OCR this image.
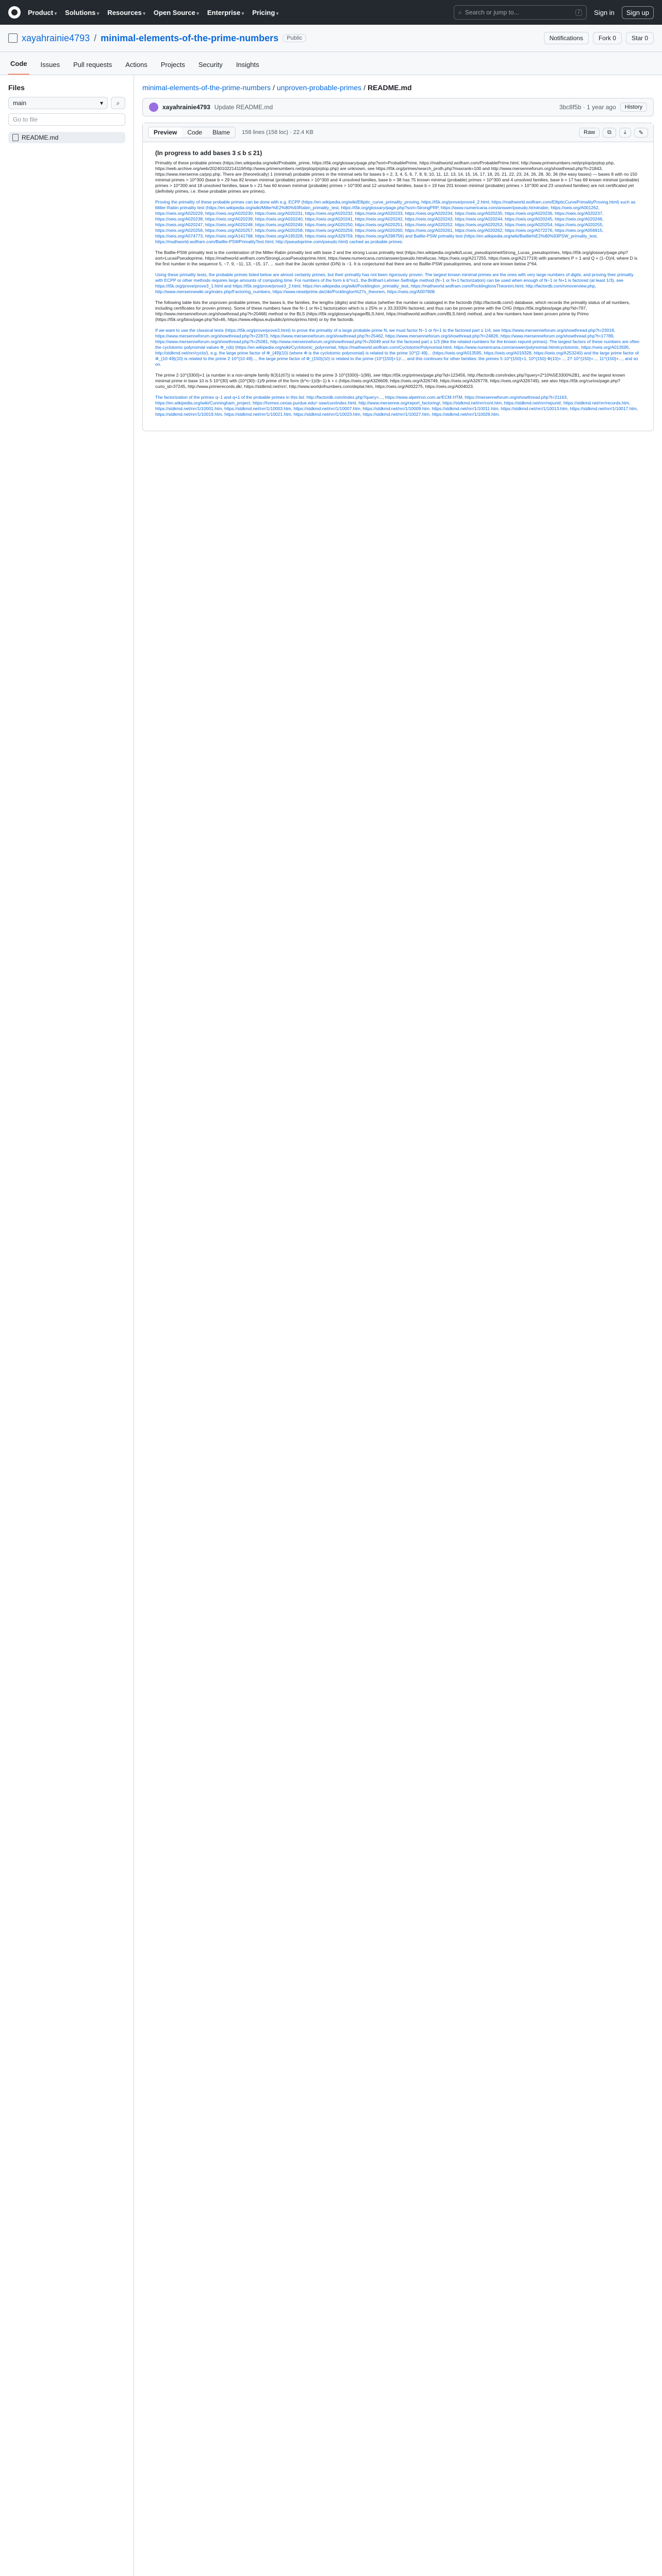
Product ▾	Solutions ▾	Resources ▾	Open Source ▾	Enterprise ▾	Pricing ▾	⌕ Search or jump to...	/	Sign in	Sign up
xayahrainie4793 / minimal-elements-of-the-prime-numbers	Public	Notifications	Fork 0	Star 0
Code	Issues	Pull requests	Actions	Projects	Security	Insights
Files
main ▾	⌕
Go to file
README.md
minimal-elements-of-the-prime-numbers / unproven-probable-primes / README.md
xayahrainie4793 Update README.md	3bc8f5b · 1 year ago	History
Preview	Code	Blame	158 lines (158 loc) · 22.4 KB	Raw	⧉	⤓	✎
(In progress to add bases 3 ≤ b ≤ 21)

Primality of these probable primes (https://en.wikipedia.org/wiki/Probable_prime, https://t5k.org/glossary/page.php?sort=ProbablePrime, https://mathworld.wolfram.com/ProbablePrime.html, http://www.primenumbers.net/prptop/prptop.php, https://web.archive.org/web/20240102214119/http://www.primenumbers.net/prptop/prptop.php) are unknown, see https://t5k.org/primes/search_proth.php?maxrank=100 and http://www.mersenneforum.org/showthread.php?t=21843, https://www.mersenne.ca/prp.php. There are (theoretically) 1 (minimal) probable primes in the minimal sets for bases b = 2, 3, 4, 5, 6, 7, 8, 9, 10, 11, 12, 13, 14, 15, 16, 17, 18, 20, 21, 22, 23, 24, 26, 28, 30, 36 (the easy bases) — bases 8 with no 150 minimal primes > 10^300 (base b = 29 has 82 known minimal (probable) primes > 10^300 and 4 unsolved families, base b = 38 has 75 known minimal (probable) primes > 10^300 and 4 unsolved families, base b = 17 has 69 known minimal (probable) primes > 10^300 and 18 unsolved families, base b = 21 has 60 known minimal (probable) primes > 10^300 and 12 unsolved families, base b = 19 has 201 known minimal (probable) primes > 10^300 and 23 unsolved families) are not certificated yet (definitely primes, i.e. these probable primes are primes).

Proving the primality of these probable primes can be done with e.g. ECPP (https://en.wikipedia.org/wiki/Elliptic_curve_primality_proving, https://t5k.org/prove/prove4_2.html, https://mathworld.wolfram.com/EllipticCurvePrimalityProving.html) such as Miller-Rabin primality test (https://en.wikipedia.org/wiki/Miller%E2%80%93Rabin_primality_test, https://t5k.org/glossary/page.php?sort=StrongPRP, https://www.numericana.com/answer/pseudo.htm#rabin, https://oeis.org/A001262, https://oeis.org/A020229, https://oeis.org/A020230, https://oeis.org/A020231, https://oeis.org/A020232, https://oeis.org/A020233, https://oeis.org/A020234, https://oeis.org/A020235, https://oeis.org/A020236, https://oeis.org/A020237, https://oeis.org/A020238, https://oeis.org/A020239, https://oeis.org/A020240, https://oeis.org/A020241, https://oeis.org/A020242, https://oeis.org/A020243, https://oeis.org/A020244, https://oeis.org/A020245, https://oeis.org/A020246, https://oeis.org/A020247, https://oeis.org/A020248, https://oeis.org/A020249, https://oeis.org/A020250, https://oeis.org/A020251, https://oeis.org/A020252, https://oeis.org/A020253, https://oeis.org/A020254, https://oeis.org/A020255, https://oeis.org/A020256, https://oeis.org/A020257, https://oeis.org/A020258, https://oeis.org/A020259, https://oeis.org/A020260, https://oeis.org/A020261, https://oeis.org/A020262, https://oeis.org/A072276, https://oeis.org/A056915, https://oeis.org/A074773, https://oeis.org/A141768, https://oeis.org/A195328, https://oeis.org/A329759, https://oeis.org/A298756) and Baillie-PSW primality test (https://en.wikipedia.org/wiki/Baillie%E2%80%93PSW_primality_test, https://mathworld.wolfram.com/Baillie-PSWPrimalityTest.html, http://pseudoprime.com/pseudo.html) cached as probable primes.

The Baillie-PSW primality test is the combination of the Miller-Rabin primality test with base 2 and the strong Lucas primality test (https://en.wikipedia.org/wiki/Lucas_pseudoprime#Strong_Lucas_pseudoprimes, https://t5k.org/glossary/page.php?sort=LucasPseudoprime, https://mathworld.wolfram.com/StrongLucasPseudoprime.html, https://www.numericana.com/answer/pseudo.htm#lucas, https://oeis.org/A217255, https://oeis.org/A217719) with parameters P = 1 and Q = (1−D)/4, where D is the first number in the sequence 5, −7, 9, −11, 13, −15, 17, ... such that the Jacobi symbol (D/N) is −1. It is conjectured that there are no Baillie-PSW pseudoprimes, and none are known below 2^64.

Using these primality tests, the probable primes listed below are almost certainly primes, but their primality has not been rigorously proven. The largest known minimal primes are the ones with very large numbers of digits, and proving their primality with ECPP or other methods requires large amounts of computing time. For numbers of the form k·b^n±1, the Brillhart-Lehmer-Selfridge method (N−1 or N+1 factorization) can be used when enough of N−1 or N+1 is factored (at least 1/3), see https://t5k.org/prove/prove3_1.html and https://t5k.org/prove/prove3_2.html, https://en.wikipedia.org/wiki/Pocklington_primality_test, https://mathworld.wolfram.com/PocklingtonsTheorem.html, http://factordb.com/nmoverview.php, http://www.mersennewiki.org/index.php/Factoring_numbers, https://www.rieselprime.de/ziki/Pocklington%27s_theorem, https://oeis.org/A007908.

The following table lists the unproven probable primes, the bases b, the families, the lengths (digits) and the status (whether the number is cataloged in the factordb (http://factordb.com/) database, which records the primality status of all numbers, including certificates for proven primes). Some of these numbers have the N−1 or N+1 factorization which is ≥ 25% or ≥ 33.3333% factored, and thus can be proven prime with the CHG (https://t5k.org/bios/page.php?id=797, http://www.mersenneforum.org/showthread.php?t=20468) method or the BLS (https://t5k.org/glossary/xpage/BLS.html, https://mathworld.wolfram.com/BLS.html) method, and a few numbers have been proven prime by Primo (https://t5k.org/bios/page.php?id=46, https://www.ellipsa.eu/public/primo/primo.html) or by the factordb.

If we want to use the classical tests (https://t5k.org/prove/prove3.html) to prove the primality of a large probable prime N, we must factor N−1 or N+1 to the factored part ≥ 1/4, see https://www.mersenneforum.org/showthread.php?t=23018, https://www.mersenneforum.org/showthread.php?t=22873, https://www.mersenneforum.org/showthread.php?t=25462, https://www.mersenneforum.org/showthread.php?t=24826, https://www.mersenneforum.org/showthread.php?t=17789, https://www.mersenneforum.org/showthread.php?t=25081, http://www.mersenneforum.org/showthread.php?t=26049 and for the factored part ≥ 1/3 (like the related numbers for the known repunit primes). The largest factors of these numbers are often the cyclotomic polynomial values Φ_n(b) (https://en.wikipedia.org/wiki/Cyclotomic_polynomial, https://mathworld.wolfram.com/CyclotomicPolynomial.html, https://www.numericana.com/answer/polynomial.htm#cyclotomic, https://oeis.org/A013595, http://stdkmd.net/nrr/cyclo/), e.g. the large prime factor of Φ_{49}(10) (where Φ is the cyclotomic polynomial) is related to the prime 10^{2·49}... (https://oeis.org/A013595, https://oeis.org/A019328, https://oeis.org/A253240) and the large prime factor of Φ_{10·49}(10) is related to the prime 2·10^{10·49}..., the large prime factor of Φ_{150}(10) is related to the prime (10^{150}+1)/..., and this continues for other families: the primes 5·10^{150}+1, 10^{150}·Φ(10)+..., 27·10^{150}+..., 11^{150}+..., and so on.

The prime 2·10^{3300}+1 (a number in a non-simple family 8(3)1(67)) is related to the prime 3·10^{3300}−1(99), see https://t5k.org/primes/page.php?id=123456, http://factordb.com/index.php?query=2*10%5E3300%2B1, and the largest known minimal prime in base 10 is 5·10^{30} with (10^{30}−1)/9 prime of the form (b^n−1)/(b−1)·k + c (https://oeis.org/A326609, https://oeis.org/A326749, https://oeis.org/A326778, https://oeis.org/A326749), see also https://t5k.org/curios/page.php?curio_id=37245, http://www.primerecords.dk/, https://stdkmd.net/nrr/, http://www.worldofnumbers.com/deplat.htm, https://oeis.org/A002275, https://oeis.org/A004023.

The factorization of the primes q−1 and q+1 of the probable primes in this list: http://factordb.com/index.php?query=..., https://www.alpertron.com.ar/ECM.HTM, https://mersenneforum.org/showthread.php?t=21163, https://en.wikipedia.org/wiki/Cunningham_project, https://homes.cerias.purdue.edu/~ssw/cun/index.html, http://www.mersenne.org/report_factoring/, https://stdkmd.net/nrr/cont.htm, https://stdkmd.net/nrr/repunit/, https://stdkmd.net/nrr/records.htm, https://stdkmd.net/nrr/1/10001.htm, https://stdkmd.net/nrr/1/10003.htm, https://stdkmd.net/nrr/1/10007.htm, https://stdkmd.net/nrr/1/10009.htm, https://stdkmd.net/nrr/1/10011.htm, https://stdkmd.net/nrr/1/10013.htm, https://stdkmd.net/nrr/1/10017.htm, https://stdkmd.net/nrr/1/10019.htm, https://stdkmd.net/nrr/1/10021.htm, https://stdkmd.net/nrr/1/10023.htm, https://stdkmd.net/nrr/1/10027.htm, https://stdkmd.net/nrr/1/10029.htm.
